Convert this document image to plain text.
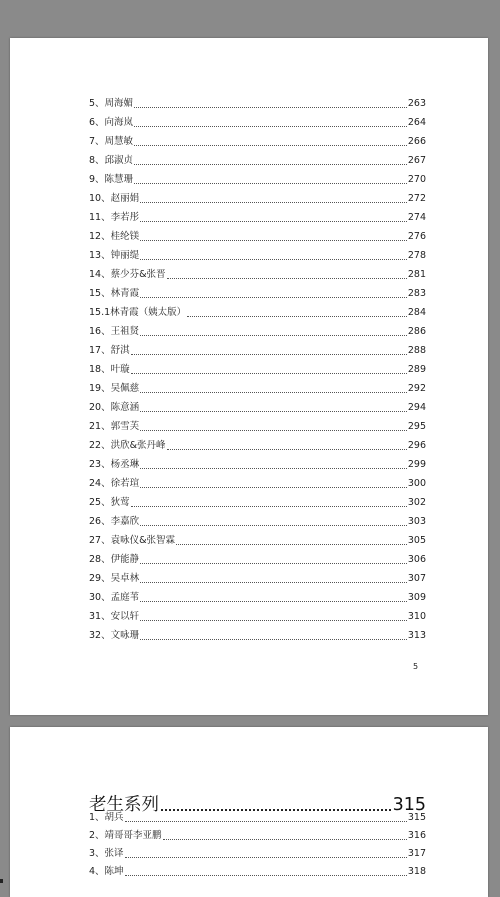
5、周海媚	263
6、向海岚	264
7、周慧敏	266
8、邱淑贞	267
9、陈慧珊	270
10、赵丽娟	272
11、李若彤	274
12、桂纶镁	276
13、钟丽缇	278
14、蔡少芬&张晋	281
15、林青霞	283
15.1林青霞（姨太版）	284
16、王祖贤	286
17、舒淇	288
18、叶璇	289
19、吴佩慈	292
20、陈意涵	294
21、郭雪芙	295
22、洪欣&张丹峰	296
23、杨丞琳	299
24、徐若瑄	300
25、狄莺	302
26、李嘉欣	303
27、袁咏仪&张智霖	305
28、伊能静	306
29、吴卓林	307
30、孟庭苇	309
31、安以轩	310
32、文咏珊	313
5
老生系列	315
1、胡兵	315
2、靖哥哥李亚鹏	316
3、张译	317
4、陈坤	318
